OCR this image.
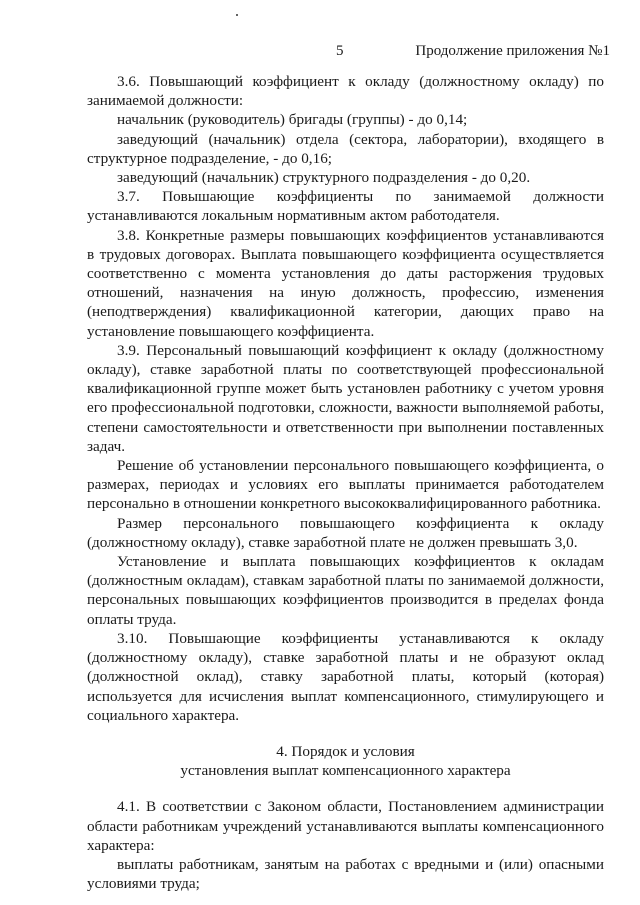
5	Продолжение приложения №1

3.6. Повышающий коэффициент к окладу (должностному окладу) по занимаемой должности:

начальник (руководитель) бригады (группы) - до 0,14;

заведующий (начальник) отдела (сектора, лаборатории), входящего в структурное подразделение, - до 0,16;

заведующий (начальник) структурного подразделения - до 0,20.

3.7. Повышающие коэффициенты по занимаемой должности устанавливаются локальным нормативным актом работодателя.

3.8. Конкретные размеры повышающих коэффициентов устанавливаются в трудовых договорах. Выплата повышающего коэффициента осуществляется соответственно с момента установления до даты расторжения трудовых отношений, назначения на иную должность, профессию, изменения (неподтверждения) квалификационной категории, дающих право на установление повышающего коэффициента.

3.9. Персональный повышающий коэффициент к окладу (должностному окладу), ставке заработной платы по соответствующей профессиональной квалификационной группе может быть установлен работнику с учетом уровня его профессиональной подготовки, сложности, важности выполняемой работы, степени самостоятельности и ответственности при выполнении поставленных задач.

Решение об установлении персонального повышающего коэффициента, о размерах, периодах и условиях его выплаты принимается работодателем персонально в отношении конкретного высококвалифицированного работника.

Размер персонального повышающего коэффициента к окладу (должностному окладу), ставке заработной плате не должен превышать 3,0.

Установление и выплата повышающих коэффициентов к окладам (должностным окладам), ставкам заработной платы по занимаемой должности, персональных повышающих коэффициентов производится в пределах фонда оплаты труда.

3.10. Повышающие коэффициенты устанавливаются к окладу (должностному окладу), ставке заработной платы и не образуют оклад (должностной оклад), ставку заработной платы, который (которая) используется для исчисления выплат компенсационного, стимулирующего и социального характера.

4. Порядок и условия

установления выплат компенсационного характера

4.1. В соответствии с Законом области, Постановлением администрации области работникам учреждений устанавливаются выплаты компенсационного характера:

выплаты работникам, занятым на работах с вредными и (или) опасными условиями труда;
